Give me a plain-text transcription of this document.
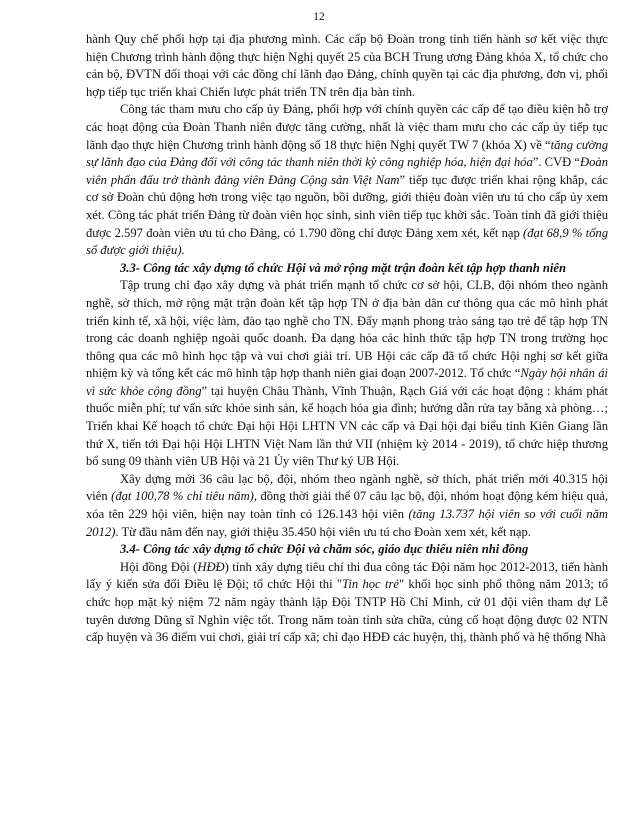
12

hành Quy chế phối hợp tại địa phương mình. Các cấp bộ Đoàn trong tỉnh tiến hành sơ kết việc thực hiện Chương trình hành động thực hiện Nghị quyết 25 của BCH Trung ương Đảng khóa X, tổ chức cho cán bộ, ĐVTN đối thoại với các đồng chí lãnh đạo Đảng, chính quyền tại các địa phương, đơn vị, phối hợp tiếp tục triển khai Chiến lược phát triển TN trên địa bàn tỉnh.

Công tác tham mưu cho cấp ủy Đảng, phối hợp với chính quyền các cấp để tạo điều kiện hỗ trợ các hoạt động của Đoàn Thanh niên được tăng cường, nhất là việc tham mưu cho các cấp ủy tiếp tục lãnh đạo thực hiện Chương trình hành động số 18 thực hiện Nghị quyết TW 7 (khóa X) về “tăng cường sự lãnh đạo của Đảng đối với công tác thanh niên thời kỳ công nghiệp hóa, hiện đại hóa”. CVĐ “Đoàn viên phấn đấu trở thành đảng viên Đảng Cộng sản Việt Nam” tiếp tục được triển khai rộng khắp, các cơ sở Đoàn chủ động hơn trong việc tạo nguồn, bồi dưỡng, giới thiệu đoàn viên ưu tú cho cấp ủy xem xét. Công tác phát triển Đảng từ đoàn viên học sinh, sinh viên tiếp tục khởi sắc. Toàn tỉnh đã giới thiệu được 2.597 đoàn viên ưu tú cho Đảng, có 1.790 đồng chí được Đảng xem xét, kết nạp (đạt 68,9 % tổng số được giới thiệu).

3.3- Công tác xây dựng tổ chức Hội và mở rộng mặt trận đoàn kết tập hợp thanh niên

Tập trung chỉ đạo xây dựng và phát triển mạnh tổ chức cơ sở hội, CLB, đội nhóm theo ngành nghề, sở thích, mở rộng mặt trận đoàn kết tập hợp TN ở địa bàn dân cư thông qua các mô hình phát triển kinh tế, xã hội, việc làm, đào tạo nghề cho TN. Đẩy mạnh phong trào sáng tạo trẻ để tập hợp TN trong các doanh nghiệp ngoài quốc doanh. Đa dạng hóa các hình thức tập hợp TN trong trường học thông qua các mô hình học tập và vui chơi giải trí. UB Hội các cấp đã tổ chức Hội nghị sơ kết giữa nhiệm kỳ và tổng kết các mô hình tập hợp thanh niên giai đoạn 2007-2012. Tổ chức “Ngày hội nhân ái vì sức khỏe cộng đồng” tại huyện Châu Thành, Vĩnh Thuận, Rạch Giá với các hoạt động : khám phát thuốc miễn phí; tư vấn sức khỏe sinh sản, kế hoạch hóa gia đình; hướng dẫn rửa tay bằng xà phòng…; Triển khai Kế hoạch tổ chức Đại hội Hội LHTN VN các cấp và Đại hội đại biểu tỉnh Kiên Giang lần thứ X, tiến tới Đại hội Hội LHTN Việt Nam lần thứ VII (nhiệm kỳ 2014 - 2019), tổ chức hiệp thương bổ sung 09 thành viên UB Hội và 21 Ủy viên Thư ký UB Hội.

Xây dựng mới 36 câu lạc bộ, đội, nhóm theo ngành nghề, sở thích, phát triển mới 40.315 hội viên (đạt 100,78 % chỉ tiêu năm), đồng thời giải thể 07 câu lạc bộ, đội, nhóm hoạt động kém hiệu quả, xóa tên 229 hội viên, hiện nay toàn tỉnh có 126.143 hội viên (tăng 13.737 hội viên so với cuối năm 2012). Từ đầu năm đến nay, giới thiệu 35.450 hội viên ưu tú cho Đoàn xem xét, kết nạp.

3.4- Công tác xây dựng tổ chức Đội và chăm sóc, giáo dục thiếu niên nhi đồng

Hội đồng Đội (HĐĐ) tỉnh xây dựng tiêu chí thi đua công tác Đội năm học 2012-2013, tiến hành lấy ý kiến sửa đổi Điều lệ Đội; tổ chức Hội thi "Tin học trẻ" khối học sinh phổ thông năm 2013; tổ chức họp mặt kỷ niệm 72 năm ngày thành lập Đội TNTP Hồ Chí Minh, cử 01 đội viên tham dự Lễ tuyên dương Dũng sĩ Nghìn việc tốt. Trong năm toàn tỉnh sửa chữa, củng cố hoạt động được 02 NTN cấp huyện và 36 điểm vui chơi, giải trí cấp xã; chỉ đạo HĐĐ các huyện, thị, thành phố và hệ thống Nhà
